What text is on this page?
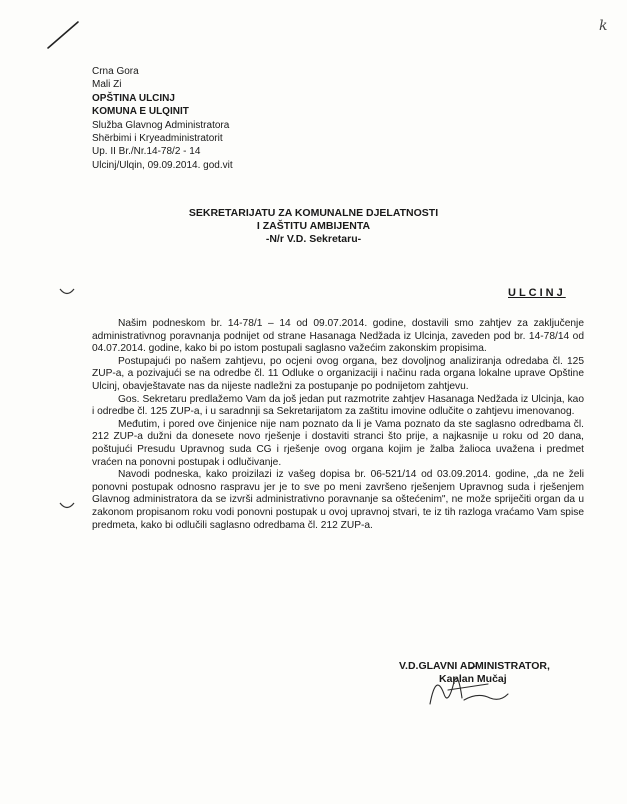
k
Crna Gora
Mali Zi
OPŠTINA ULCINJ
KOMUNA E ULQINIT
Služba Glavnog Administratora
Shërbimi i Kryeadministratorit
Up. II Br./Nr.14-78/2 - 14
Ulcinj/Ulqin, 09.09.2014. god.vit
SEKRETARIJATU ZA KOMUNALNE DJELATNOSTI
I ZAŠTITU AMBIJENTA
-N/r V.D. Sekretaru-
ULCINJ

Našim podneskom br. 14-78/1 – 14 od 09.07.2014. godine, dostavili smo zahtjev za zaključenje administrativnog poravnanja podnijet od strane Hasanaga Nedžada iz Ulcinja, zaveden pod br. 14-78/14 od 04.07.2014. godine, kako bi po istom postupali saglasno važećim zakonskim propisima.

Postupajući po našem zahtjevu, po ocjeni ovog organa, bez dovoljnog analiziranja odredaba čl. 125 ZUP-a, a pozivajući se na odredbe čl. 11 Odluke o organizaciji i načinu rada organa lokalne uprave Opštine Ulcinj, obavještavate nas da nijeste nadležni za postupanje po podnijetom zahtjevu.

Gos. Sekretaru predlažemo Vam da još jedan put razmotrite zahtjev Hasanaga Nedžada iz Ulcinja, kao i odredbe čl. 125 ZUP-a, i u saradnnji sa Sekretarijatom za zaštitu imovine odlučite o zahtjevu imenovanog.

Međutim, i pored ove činjenice nije nam poznato da li je Vama poznato da ste saglasno odredbama čl. 212 ZUP-a dužni da donesete novo rješenje i dostaviti stranci što prije, a najkasnije u roku od 20 dana, poštujući Presudu Upravnog suda CG i rješenje ovog organa kojim je žalba žalioca uvažena i predmet vraćen na ponovni postupak i odlučivanje.

Navodi podneska, kako proizilazi iz vašeg dopisa br. 06-521/14 od 03.09.2014. godine, „da ne želi ponovni postupak odnosno raspravu jer je to sve po meni završeno rješenjem Upravnog suda i rješenjem Glavnog administratora da se izvrši administrativno poravnanje sa oštećenim", ne može spriječiti organ da u zakonom propisanom roku vodi ponovni postupak u ovoj upravnoj stvari, te iz tih razloga vraćamo Vam spise predmeta, kako bi odlučili saglasno odredbama čl. 212 ZUP-a.

V.D.GLAVNI ADMINISTRATOR,
Kaplan Mučaj
